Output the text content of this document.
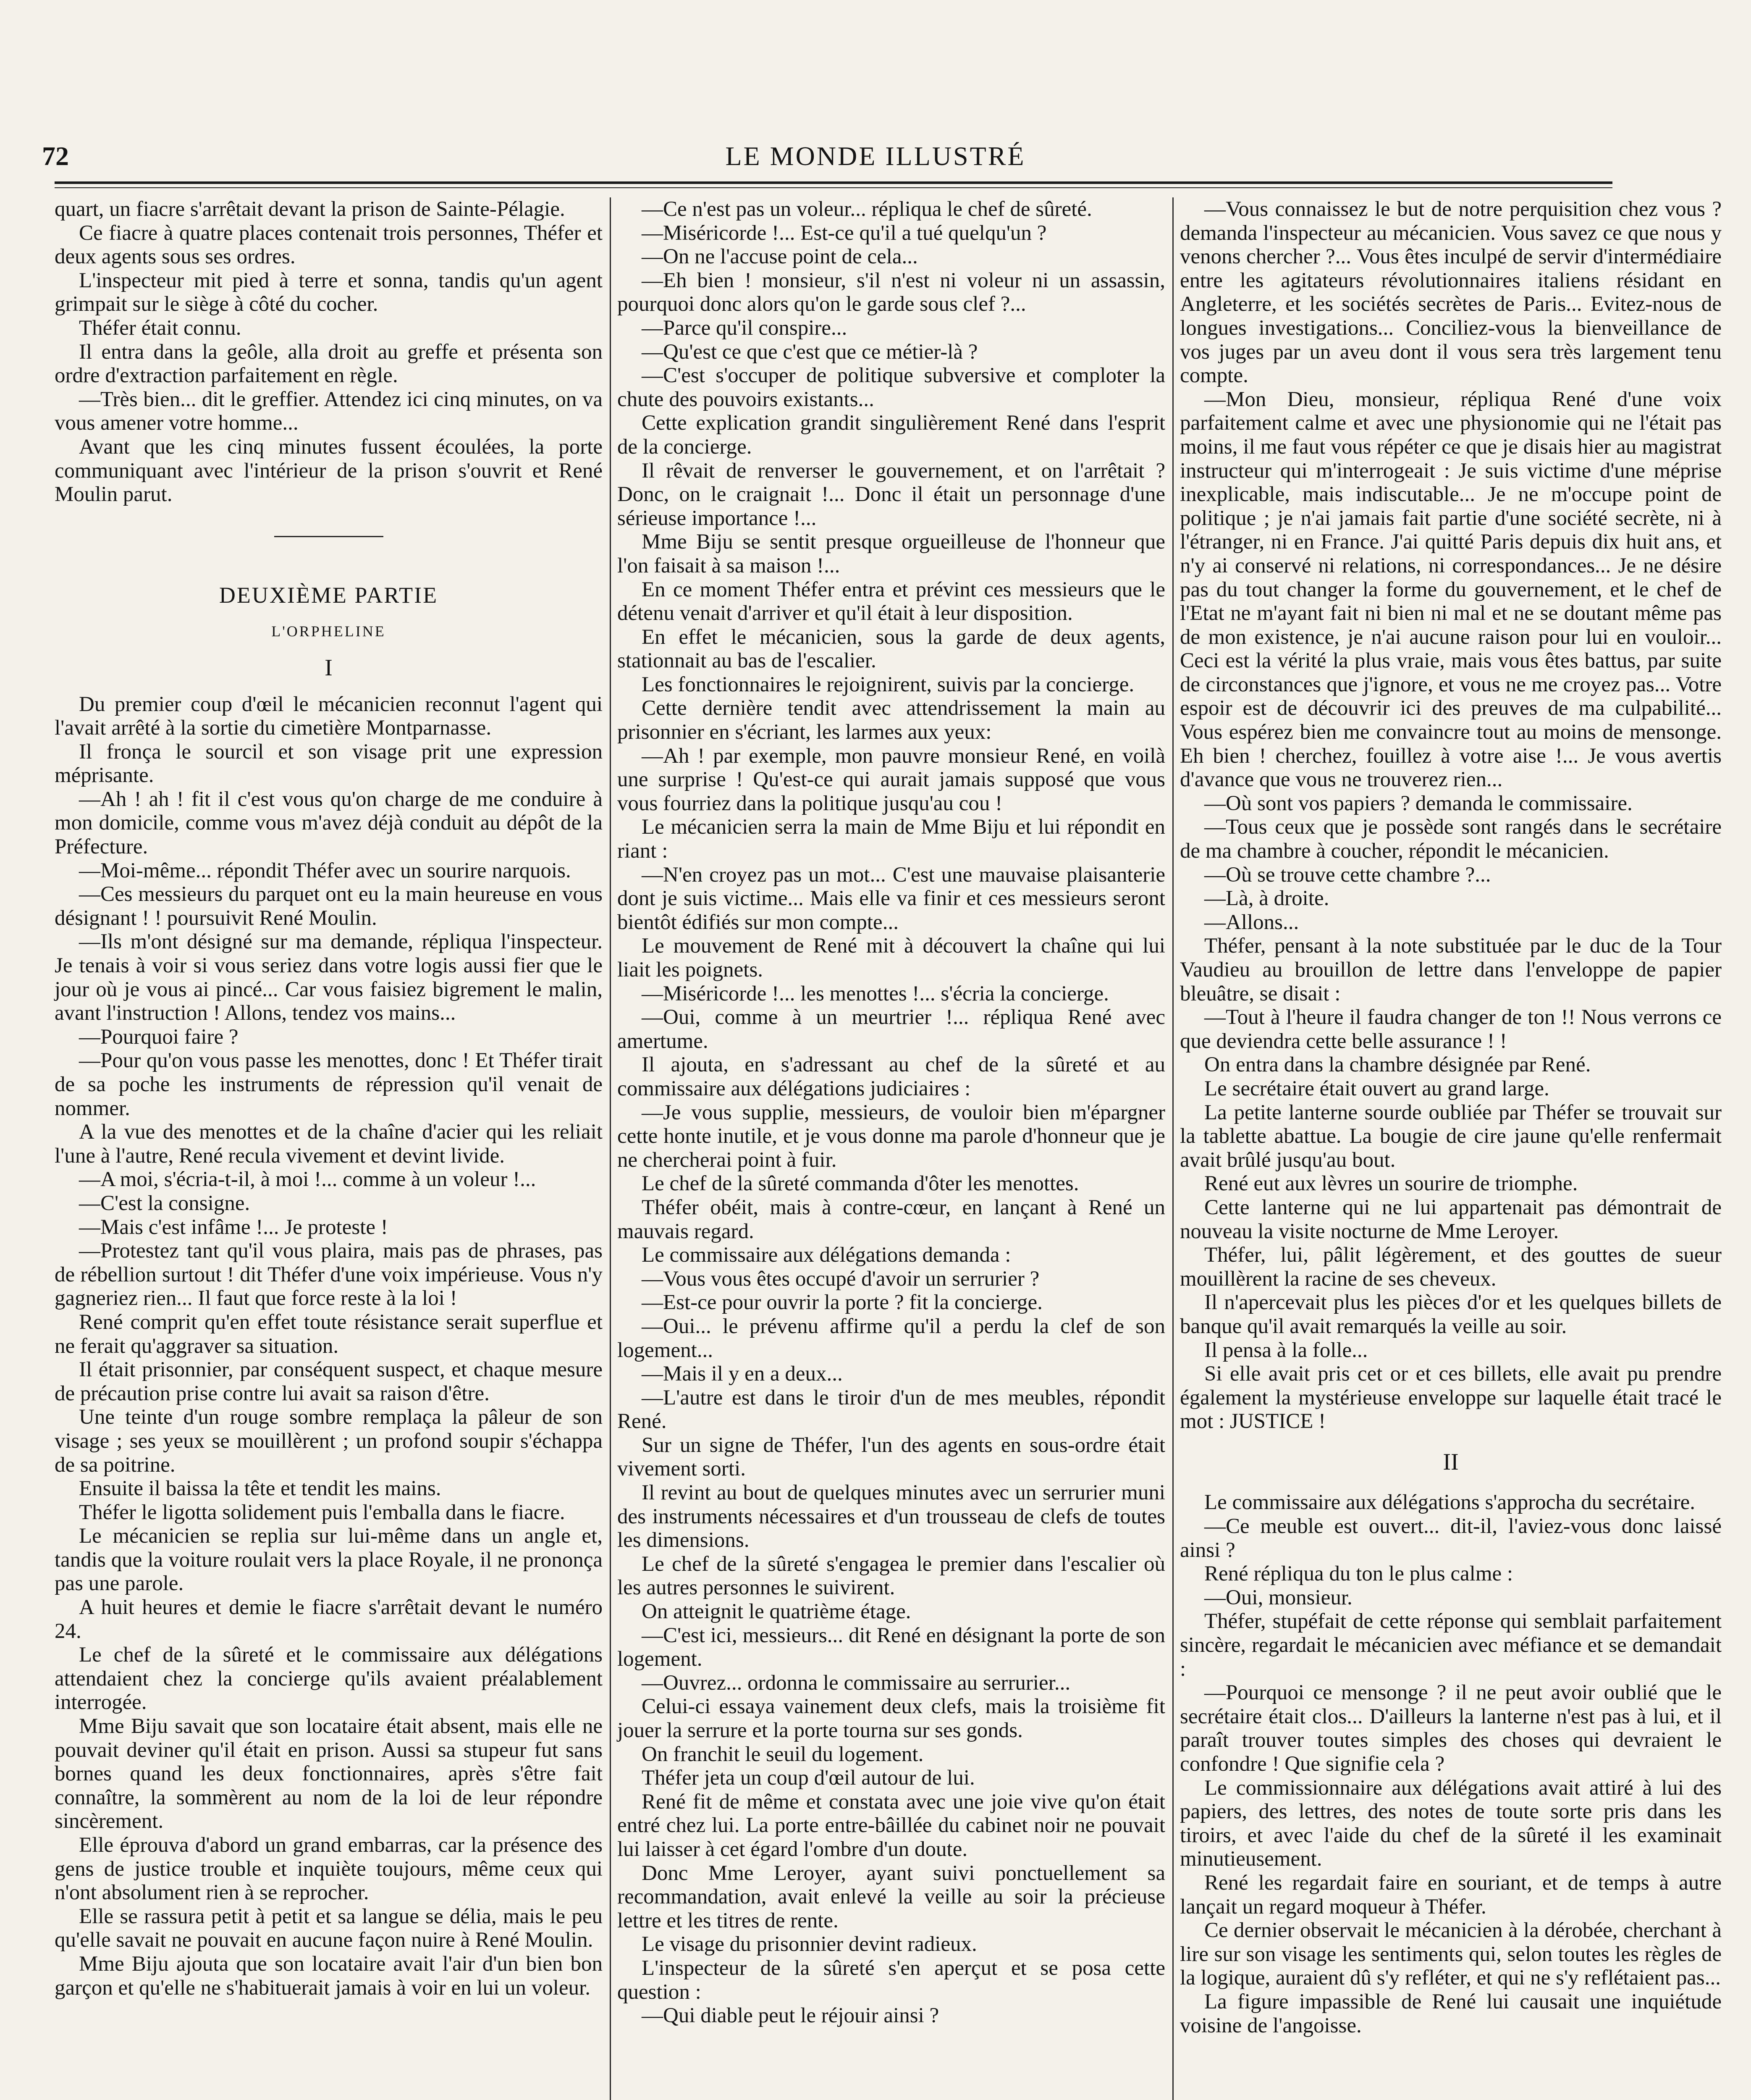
72	LE MONDE ILLUSTRÉ

quart, un fiacre s'arrêtait devant la prison de Sainte-Pélagie.

Ce fiacre à quatre places contenait trois personnes, Théfer et deux agents sous ses ordres.

L'inspecteur mit pied à terre et sonna, tandis qu'un agent grimpait sur le siège à côté du cocher.

Théfer était connu.

Il entra dans la geôle, alla droit au greffe et présenta son ordre d'extraction parfaitement en règle.

—Très bien... dit le greffier. Attendez ici cinq minutes, on va vous amener votre homme...

Avant que les cinq minutes fussent écoulées, la porte communiquant avec l'intérieur de la prison s'ouvrit et René Moulin parut.

DEUXIÈME PARTIE
L'ORPHELINE
I

Du premier coup d'œil le mécanicien reconnut l'agent qui l'avait arrêté à la sortie du cimetière Montparnasse.

Il fronça le sourcil et son visage prit une expression méprisante.

—Ah ! ah ! fit il c'est vous qu'on charge de me conduire à mon domicile, comme vous m'avez déjà conduit au dépôt de la Préfecture.

—Moi-même... répondit Théfer avec un sourire narquois.

—Ces messieurs du parquet ont eu la main heureuse en vous désignant ! ! poursuivit René Moulin.

—Ils m'ont désigné sur ma demande, répliqua l'inspecteur. Je tenais à voir si vous seriez dans votre logis aussi fier que le jour où je vous ai pincé... Car vous faisiez bigrement le malin, avant l'instruction ! Allons, tendez vos mains...

—Pourquoi faire ?

—Pour qu'on vous passe les menottes, donc ! Et Théfer tirait de sa poche les instruments de répression qu'il venait de nommer.

A la vue des menottes et de la chaîne d'acier qui les reliait l'une à l'autre, René recula vivement et devint livide.

—A moi, s'écria-t-il, à moi !... comme à un voleur !...

—C'est la consigne.

—Mais c'est infâme !... Je proteste !

—Protestez tant qu'il vous plaira, mais pas de phrases, pas de rébellion surtout ! dit Théfer d'une voix impérieuse. Vous n'y gagneriez rien... Il faut que force reste à la loi !

René comprit qu'en effet toute résistance serait superflue et ne ferait qu'aggraver sa situation.

Il était prisonnier, par conséquent suspect, et chaque mesure de précaution prise contre lui avait sa raison d'être.

Une teinte d'un rouge sombre remplaça la pâleur de son visage ; ses yeux se mouillèrent ; un profond soupir s'échappa de sa poitrine.

Ensuite il baissa la tête et tendit les mains.

Théfer le ligotta solidement puis l'emballa dans le fiacre.

Le mécanicien se replia sur lui-même dans un angle et, tandis que la voiture roulait vers la place Royale, il ne prononça pas une parole.

A huit heures et demie le fiacre s'arrêtait devant le numéro 24.

Le chef de la sûreté et le commissaire aux délégations attendaient chez la concierge qu'ils avaient préalablement interrogée.

Mme Biju savait que son locataire était absent, mais elle ne pouvait deviner qu'il était en prison. Aussi sa stupeur fut sans bornes quand les deux fonctionnaires, après s'être fait connaître, la sommèrent au nom de la loi de leur répondre sincèrement.

Elle éprouva d'abord un grand embarras, car la présence des gens de justice trouble et inquiète toujours, même ceux qui n'ont absolument rien à se reprocher.

Elle se rassura petit à petit et sa langue se délia, mais le peu qu'elle savait ne pouvait en aucune façon nuire à René Moulin.

Mme Biju ajouta que son locataire avait l'air d'un bien bon garçon et qu'elle ne s'habituerait jamais à voir en lui un voleur.

—Ce n'est pas un voleur... répliqua le chef de sûreté.

—Miséricorde !... Est-ce qu'il a tué quelqu'un ?

—On ne l'accuse point de cela...

—Eh bien ! monsieur, s'il n'est ni voleur ni un assassin, pourquoi donc alors qu'on le garde sous clef ?...

—Parce qu'il conspire...

—Qu'est ce que c'est que ce métier-là ?

—C'est s'occuper de politique subversive et comploter la chute des pouvoirs existants...

Cette explication grandit singulièrement René dans l'esprit de la concierge.

Il rêvait de renverser le gouvernement, et on l'arrêtait ? Donc, on le craignait !... Donc il était un personnage d'une sérieuse importance !...

Mme Biju se sentit presque orgueilleuse de l'honneur que l'on faisait à sa maison !...

En ce moment Théfer entra et prévint ces messieurs que le détenu venait d'arriver et qu'il était à leur disposition.

En effet le mécanicien, sous la garde de deux agents, stationnait au bas de l'escalier.

Les fonctionnaires le rejoignirent, suivis par la concierge.

Cette dernière tendit avec attendrissement la main au prisonnier en s'écriant, les larmes aux yeux:

—Ah ! par exemple, mon pauvre monsieur René, en voilà une surprise ! Qu'est-ce qui aurait jamais supposé que vous vous fourriez dans la politique jusqu'au cou !

Le mécanicien serra la main de Mme Biju et lui répondit en riant :

—N'en croyez pas un mot... C'est une mauvaise plaisanterie dont je suis victime... Mais elle va finir et ces messieurs seront bientôt édifiés sur mon compte...

Le mouvement de René mit à découvert la chaîne qui lui liait les poignets.

—Miséricorde !... les menottes !... s'écria la concierge.

—Oui, comme à un meurtrier !... répliqua René avec amertume.

Il ajouta, en s'adressant au chef de la sûreté et au commissaire aux délégations judiciaires :

—Je vous supplie, messieurs, de vouloir bien m'épargner cette honte inutile, et je vous donne ma parole d'honneur que je ne chercherai point à fuir.

Le chef de la sûreté commanda d'ôter les menottes.

Théfer obéit, mais à contre-cœur, en lançant à René un mauvais regard.

Le commissaire aux délégations demanda :

—Vous vous êtes occupé d'avoir un serrurier ?

—Est-ce pour ouvrir la porte ? fit la concierge.

—Oui... le prévenu affirme qu'il a perdu la clef de son logement...

—Mais il y en a deux...

—L'autre est dans le tiroir d'un de mes meubles, répondit René.

Sur un signe de Théfer, l'un des agents en sous-ordre était vivement sorti.

Il revint au bout de quelques minutes avec un serrurier muni des instruments nécessaires et d'un trousseau de clefs de toutes les dimensions.

Le chef de la sûreté s'engagea le premier dans l'escalier où les autres personnes le suivirent.

On atteignit le quatrième étage.

—C'est ici, messieurs... dit René en désignant la porte de son logement.

—Ouvrez... ordonna le commissaire au serrurier...

Celui-ci essaya vainement deux clefs, mais la troisième fit jouer la serrure et la porte tourna sur ses gonds.

On franchit le seuil du logement.

Théfer jeta un coup d'œil autour de lui.

René fit de même et constata avec une joie vive qu'on était entré chez lui. La porte entre-bâillée du cabinet noir ne pouvait lui laisser à cet égard l'ombre d'un doute.

Donc Mme Leroyer, ayant suivi ponctuellement sa recommandation, avait enlevé la veille au soir la précieuse lettre et les titres de rente.

Le visage du prisonnier devint radieux.

L'inspecteur de la sûreté s'en aperçut et se posa cette question :

—Qui diable peut le réjouir ainsi ?

—Vous connaissez le but de notre perquisition chez vous ? demanda l'inspecteur au mécanicien. Vous savez ce que nous y venons chercher ?... Vous êtes inculpé de servir d'intermédiaire entre les agitateurs révolutionnaires italiens résidant en Angleterre, et les sociétés secrètes de Paris... Evitez-nous de longues investigations... Conciliez-vous la bienveillance de vos juges par un aveu dont il vous sera très largement tenu compte.

—Mon Dieu, monsieur, répliqua René d'une voix parfaitement calme et avec une physionomie qui ne l'était pas moins, il me faut vous répéter ce que je disais hier au magistrat instructeur qui m'interrogeait : Je suis victime d'une méprise inexplicable, mais indiscutable... Je ne m'occupe point de politique ; je n'ai jamais fait partie d'une société secrète, ni à l'étranger, ni en France. J'ai quitté Paris depuis dix huit ans, et n'y ai conservé ni relations, ni correspondances... Je ne désire pas du tout changer la forme du gouvernement, et le chef de l'Etat ne m'ayant fait ni bien ni mal et ne se doutant même pas de mon existence, je n'ai aucune raison pour lui en vouloir... Ceci est la vérité la plus vraie, mais vous êtes battus, par suite de circonstances que j'ignore, et vous ne me croyez pas... Votre espoir est de découvrir ici des preuves de ma culpabilité... Vous espérez bien me convaincre tout au moins de mensonge. Eh bien ! cherchez, fouillez à votre aise !... Je vous avertis d'avance que vous ne trouverez rien...

—Où sont vos papiers ? demanda le commissaire.

—Tous ceux que je possède sont rangés dans le secrétaire de ma chambre à coucher, répondit le mécanicien.

—Où se trouve cette chambre ?...

—Là, à droite.

—Allons...

Théfer, pensant à la note substituée par le duc de la Tour Vaudieu au brouillon de lettre dans l'enveloppe de papier bleuâtre, se disait :

—Tout à l'heure il faudra changer de ton !! Nous verrons ce que deviendra cette belle assurance ! !

On entra dans la chambre désignée par René.

Le secrétaire était ouvert au grand large.

La petite lanterne sourde oubliée par Théfer se trouvait sur la tablette abattue. La bougie de cire jaune qu'elle renfermait avait brûlé jusqu'au bout.

René eut aux lèvres un sourire de triomphe.

Cette lanterne qui ne lui appartenait pas démontrait de nouveau la visite nocturne de Mme Leroyer.

Théfer, lui, pâlit légèrement, et des gouttes de sueur mouillèrent la racine de ses cheveux.

Il n'apercevait plus les pièces d'or et les quelques billets de banque qu'il avait remarqués la veille au soir.

Il pensa à la folle...

Si elle avait pris cet or et ces billets, elle avait pu prendre également la mystérieuse enveloppe sur laquelle était tracé le mot : JUSTICE !

II

Le commissaire aux délégations s'approcha du secrétaire.

—Ce meuble est ouvert... dit-il, l'aviez-vous donc laissé ainsi ?

René répliqua du ton le plus calme :

—Oui, monsieur.

Théfer, stupéfait de cette réponse qui semblait parfaitement sincère, regardait le mécanicien avec méfiance et se demandait :

—Pourquoi ce mensonge ? il ne peut avoir oublié que le secrétaire était clos... D'ailleurs la lanterne n'est pas à lui, et il paraît trouver toutes simples des choses qui devraient le confondre ! Que signifie cela ?

Le commissionnaire aux délégations avait attiré à lui des papiers, des lettres, des notes de toute sorte pris dans les tiroirs, et avec l'aide du chef de la sûreté il les examinait minutieusement.

René les regardait faire en souriant, et de temps à autre lançait un regard moqueur à Théfer.

Ce dernier observait le mécanicien à la dérobée, cherchant à lire sur son visage les sentiments qui, selon toutes les règles de la logique, auraient dû s'y refléter, et qui ne s'y reflétaient pas...

La figure impassible de René lui causait une inquiétude voisine de l'angoisse.
